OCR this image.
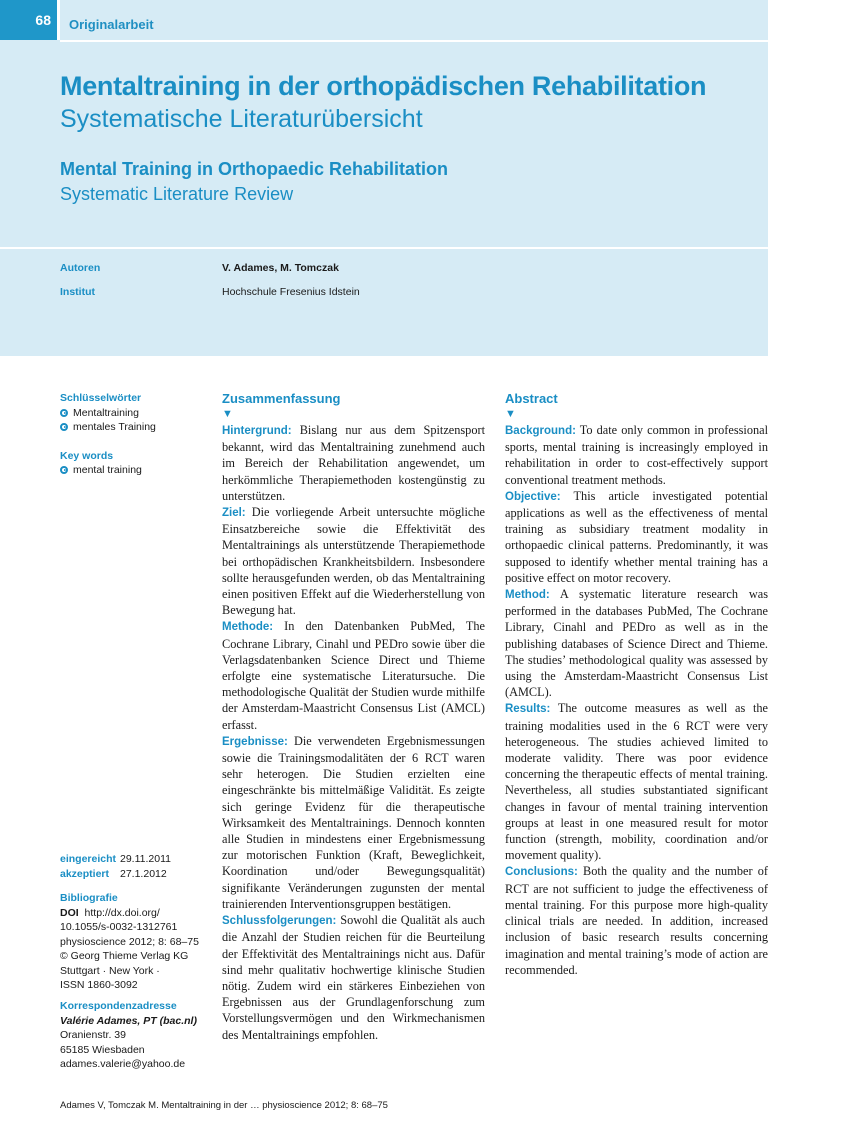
68	Originalarbeit
Mentaltraining in der orthopädischen Rehabilitation
Systematische Literaturübersicht
Mental Training in Orthopaedic Rehabilitation
Systematic Literature Review
Autoren	V. Adames, M. Tomczak
Institut	Hochschule Fresenius Idstein
Schlüsselwörter
Mentaltraining
mentales Training
Key words
mental training
eingereicht 29.11.2011
akzeptiert	27.1.2012
Bibliografie
DOI http://dx.doi.org/
10.1055/s-0032-1312761
physioscience 2012; 8: 68–75
© Georg Thieme Verlag KG
Stuttgart · New York ·
ISSN 1860-3092
Korrespondenzadresse
Valérie Adames, PT (bac.nl)
Oranienstr. 39
65185 Wiesbaden
adames.valerie@yahoo.de
Zusammenfassung
▼

Hintergrund: Bislang nur aus dem Spitzensport bekannt, wird das Mentaltraining zunehmend auch im Bereich der Rehabilitation angewendet, um herkömmliche Therapiemethoden kostengünstig zu unterstützen.

Ziel: Die vorliegende Arbeit untersuchte mögliche Einsatzbereiche sowie die Effektivität des Mentaltrainings als unterstützende Therapiemethode bei orthopädischen Krankheitsbildern. Insbesondere sollte herausgefunden werden, ob das Mentaltraining einen positiven Effekt auf die Wiederherstellung von Bewegung hat.

Methode: In den Datenbanken PubMed, The Cochrane Library, Cinahl und PEDro sowie über die Verlagsdatenbanken Science Direct und Thieme erfolgte eine systematische Literatursuche. Die methodologische Qualität der Studien wurde mithilfe der Amsterdam-Maastricht Consensus List (AMCL) erfasst.

Ergebnisse: Die verwendeten Ergebnismessungen sowie die Trainingsmodalitäten der 6 RCT waren sehr heterogen. Die Studien erzielten eine eingeschränkte bis mittelmäßige Validität. Es zeigte sich geringe Evidenz für die therapeutische Wirksamkeit des Mentaltrainings. Dennoch konnten alle Studien in mindestens einer Ergebnismessung zur motorischen Funktion (Kraft, Beweglichkeit, Koordination und/oder Bewegungsqualität) signifikante Veränderungen zugunsten der mental trainierenden Interventionsgruppen bestätigen.

Schlussfolgerungen: Sowohl die Qualität als auch die Anzahl der Studien reichen für die Beurteilung der Effektivität des Mentaltrainings nicht aus. Dafür sind mehr qualitativ hochwertige klinische Studien nötig. Zudem wird ein stärkeres Einbeziehen von Ergebnissen aus der Grundlagenforschung zum Vorstellungsvermögen und den Wirkmechanismen des Mentaltrainings empfohlen.

Abstract
▼

Background: To date only common in professional sports, mental training is increasingly employed in rehabilitation in order to cost-effectively support conventional treatment methods.

Objective: This article investigated potential applications as well as the effectiveness of mental training as subsidiary treatment modality in orthopaedic clinical patterns. Predominantly, it was supposed to identify whether mental training has a positive effect on motor recovery.

Method: A systematic literature research was performed in the databases PubMed, The Cochrane Library, Cinahl and PEDro as well as in the publishing databases of Science Direct and Thieme. The studies’ methodological quality was assessed by using the Amsterdam-Maastricht Consensus List (AMCL).

Results: The outcome measures as well as the training modalities used in the 6 RCT were very heterogeneous. The studies achieved limited to moderate validity. There was poor evidence concerning the therapeutic effects of mental training. Nevertheless, all studies substantiated significant changes in favour of mental training intervention groups at least in one measured result for motor function (strength, mobility, coordination and/or movement quality).

Conclusions: Both the quality and the number of RCT are not sufficient to judge the effectiveness of mental training. For this purpose more high-quality clinical trials are needed. In addition, increased inclusion of basic research results concerning imagination and mental training’s mode of action are recommended.

Adames V, Tomczak M. Mentaltraining in der … physioscience 2012; 8: 68–75
